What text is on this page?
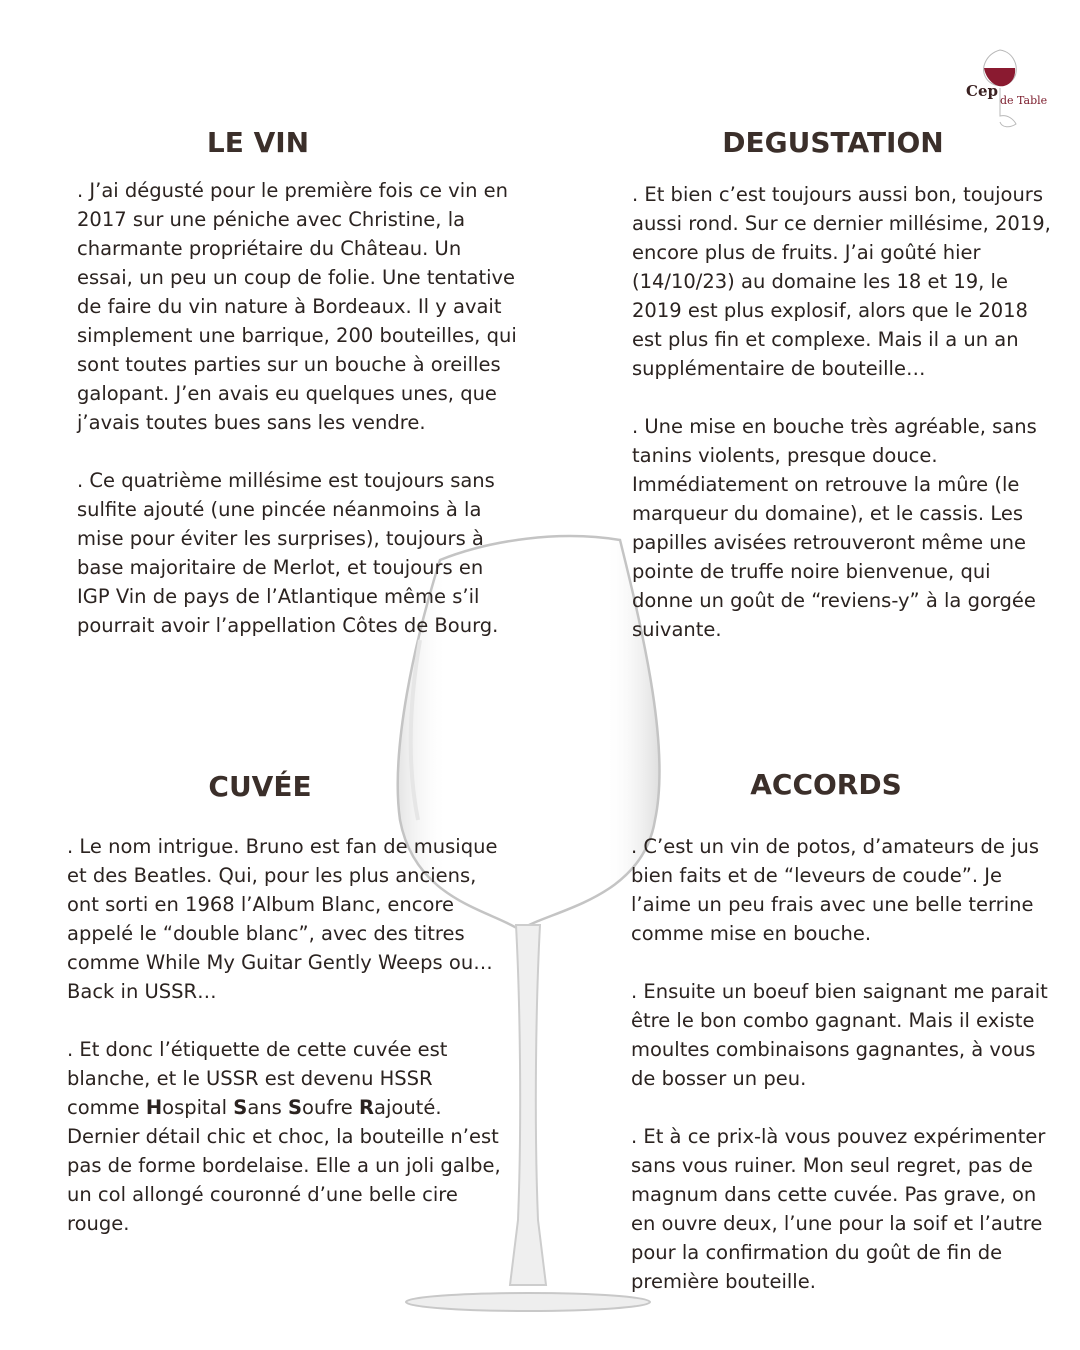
Cep
de Table
LE VIN

. J’ai dégusté pour le première fois ce vin en 2017 sur une péniche avec Christine, la charmante propriétaire du Château. Un essai, un peu un coup de folie. Une tentative de faire du vin nature à Bordeaux. Il y avait simplement une barrique, 200 bouteilles, qui sont toutes parties sur un bouche à oreilles galopant. J’en avais eu quelques unes, que j’avais toutes bues sans les vendre.

. Ce quatrième millésime est toujours sans sulfite ajouté (une pincée néanmoins à la mise pour éviter les surprises), toujours à base majoritaire de Merlot, et toujours en IGP Vin de pays de l’Atlantique même s’il pourrait avoir l’appellation Côtes de Bourg.

DEGUSTATION

. Et bien c’est toujours aussi bon, toujours aussi rond. Sur ce dernier millésime, 2019, encore plus de fruits. J’ai goûté hier (14/10/23) au domaine les 18 et 19, le 2019 est plus explosif, alors que le 2018 est plus fin et complexe. Mais il a un an supplémentaire de bouteille…

. Une mise en bouche très agréable, sans tanins violents, presque douce. Immédiatement on retrouve la mûre (le marqueur du domaine), et le cassis. Les papilles avisées retrouveront même une pointe de truffe noire bienvenue, qui donne un goût de “reviens-y” à la gorgée suivante.

CUVÉE

. Le nom intrigue. Bruno est fan de musique et des Beatles. Qui, pour les plus anciens, ont sorti en 1968 l’Album Blanc, encore appelé le “double blanc”, avec des titres comme While My Guitar Gently Weeps ou… Back in USSR…

. Et donc l’étiquette de cette cuvée est blanche, et le USSR est devenu HSSR comme Hospital Sans Soufre Rajouté. Dernier détail chic et choc, la bouteille n’est pas de forme bordelaise. Elle a un joli galbe, un col allongé couronné d’une belle cire rouge.

ACCORDS

. C’est un vin de potos, d’amateurs de jus bien faits et de “leveurs de coude”. Je l’aime un peu frais avec une belle terrine comme mise en bouche.

. Ensuite un boeuf bien saignant me parait être le bon combo gagnant. Mais il existe moultes combinaisons gagnantes, à vous de bosser un peu.

. Et à ce prix-là vous pouvez expérimenter sans vous ruiner. Mon seul regret, pas de magnum dans cette cuvée. Pas grave, on en ouvre deux, l’une pour la soif et l’autre pour la confirmation du goût de fin de première bouteille.
